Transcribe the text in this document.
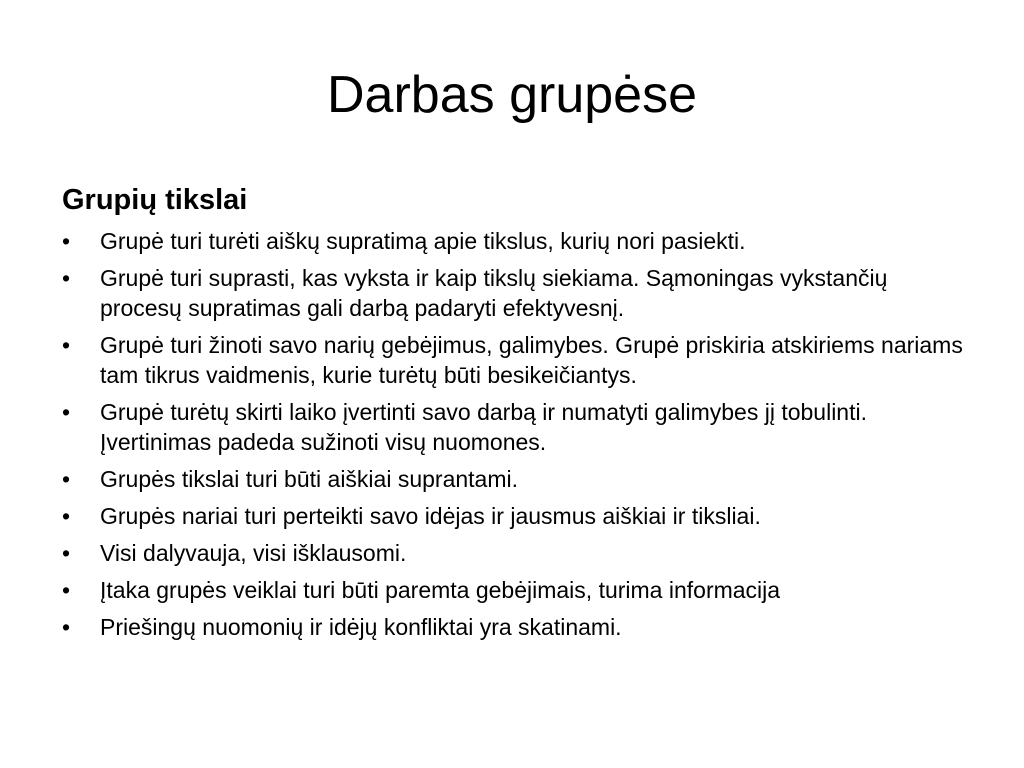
Darbas grupėse
Grupių tikslai
•	Grupė turi turėti aiškų supratimą apie tikslus, kurių nori pasiekti.
•	Grupė turi suprasti, kas vyksta ir kaip tikslų siekiama. Sąmoningas vykstančių procesų supratimas gali darbą padaryti efektyvesnį.
•	Grupė turi žinoti savo narių gebėjimus, galimybes. Grupė priskiria atskiriems nariams tam tikrus vaidmenis, kurie turėtų būti besikeičiantys.
•	Grupė turėtų skirti laiko įvertinti savo darbą ir numatyti galimybes jį tobulinti. Įvertinimas padeda sužinoti visų nuomones.
•	Grupės tikslai turi būti aiškiai suprantami.
•	Grupės nariai turi perteikti savo idėjas ir jausmus aiškiai ir tiksliai.
•	Visi dalyvauja, visi išklausomi.
•	Įtaka grupės veiklai turi būti paremta gebėjimais, turima informacija
•	Priešingų nuomonių ir idėjų konfliktai yra skatinami.
